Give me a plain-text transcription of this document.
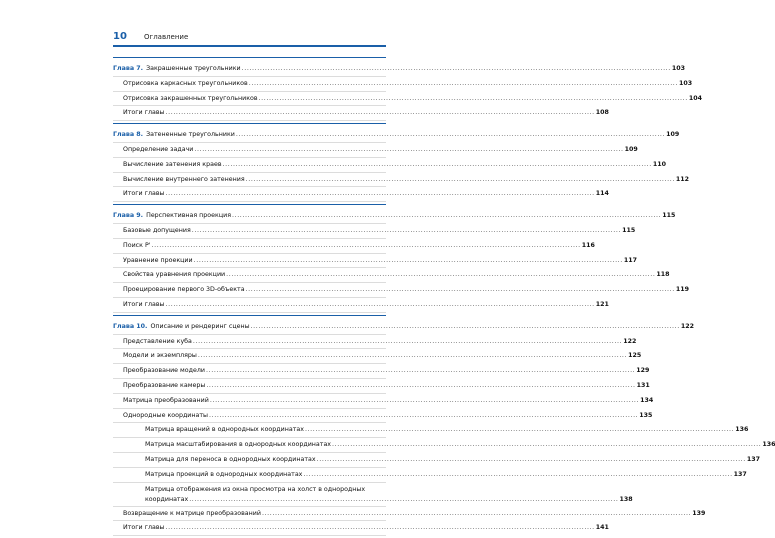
10 Оглавление
Глава 7. Закрашенные треугольники .....	103
Отрисовка каркасных треугольников .....	103
Отрисовка закрашенных треугольников .....	104
Итоги главы .....	108
Глава 8. Затененные треугольники .....	109
Определение задачи .....	109
Вычисление затенения краев .....	110
Вычисление внутреннего затенения .....	112
Итоги главы .....	114
Глава 9. Перспективная проекция .....	115
Базовые допущения .....	115
Поиск P' .....	116
Уравнение проекции .....	117
Свойства уравнения проекции .....	118
Проецирование первого 3D-объекта .....	119
Итоги главы .....	121
Глава 10. Описание и рендеринг сцены .....	122
Представление куба .....	122
Модели и экземпляры .....	125
Преобразование модели .....	129
Преобразование камеры .....	131
Матрица преобразований .....	134
Однородные координаты .....	135
Матрица вращений в однородных координатах .....	136
Матрица масштабирования в однородных координатах .....	136
Матрица для переноса в однородных координатах .....	137
Матрица проекций в однородных координатах .....	137
Матрица отображения из окна просмотра на холст в однородных
координатах .....	138
Возвращение к матрице преобразований .....	139
Итоги главы .....	141
